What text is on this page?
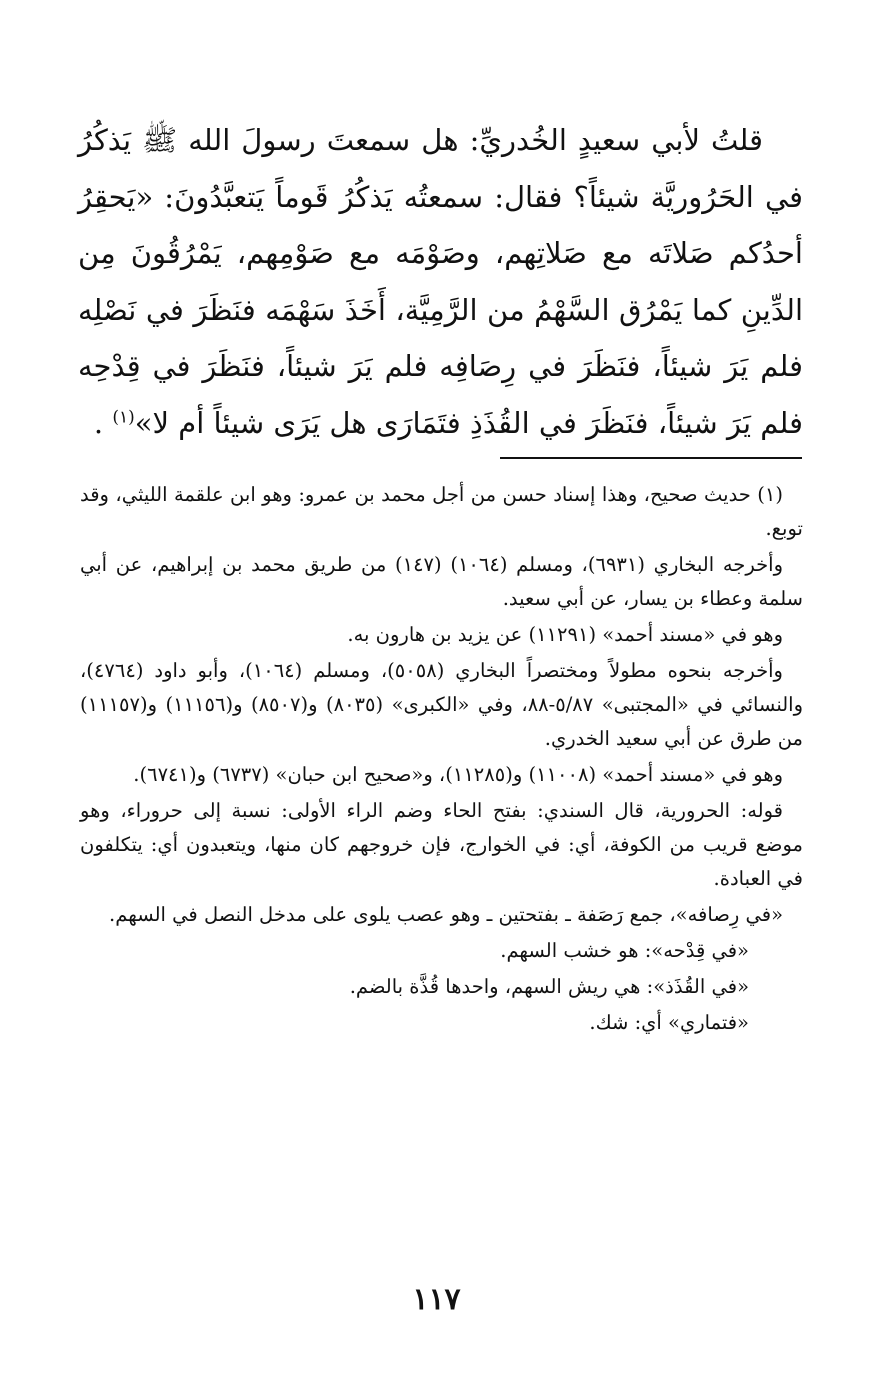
قلتُ لأبي سعيدٍ الخُدريِّ: هل سمعتَ رسولَ الله ﷺ يَذكُرُ في الحَرُوريَّة شيئاً؟ فقال: سمعتُه يَذكُرُ قَوماً يَتعبَّدُونَ: «يَحقِرُ أحدُكم صَلاتَه مع صَلاتِهم، وصَوْمَه مع صَوْمِهم، يَمْرُقُونَ مِن الدِّينِ كما يَمْرُق السَّهْمُ من الرَّمِيَّة، أَخَذَ سَهْمَه فنَظَرَ في نَصْلِه فلم يَرَ شيئاً، فنَظَرَ في رِصَافِه فلم يَرَ شيئاً، فنَظَرَ في قِدْحِه فلم يَرَ شيئاً، فنَظَرَ في القُذَذِ فتَمَارَى هل يَرَى شيئاً أم لا»$^{(١)}$ .

(١) حديث صحيح، وهذا إسناد حسن من أجل محمد بن عمرو: وهو ابن علقمة الليثي، وقد توبع.

وأخرجه البخاري (٦٩٣١)، ومسلم (١٠٦٤) (١٤٧) من طريق محمد بن إبراهيم، عن أبي سلمة وعطاء بن يسار، عن أبي سعيد.

وهو في «مسند أحمد» (١١٢٩١) عن يزيد بن هارون به.

وأخرجه بنحوه مطولاً ومختصراً البخاري (٥٠٥٨)، ومسلم (١٠٦٤)، وأبو داود (٤٧٦٤)، والنسائي في «المجتبى» ٥/٨٧-٨٨، وفي «الكبرى» (٨٠٣٥) و(٨٥٠٧) و(١١١٥٦) و(١١١٥٧) من طرق عن أبي سعيد الخدري.

وهو في «مسند أحمد» (١١٠٠٨) و(١١٢٨٥)، و«صحيح ابن حبان» (٦٧٣٧) و(٦٧٤١).

قوله: الحرورية، قال السندي: بفتح الحاء وضم الراء الأولى: نسبة إلى حروراء، وهو موضع قريب من الكوفة، أي: في الخوارج، فإن خروجهم كان منها، ويتعبدون أي: يتكلفون في العبادة.

«في رِصافه»، جمع رَصَفة ـ بفتحتين ـ وهو عصب يلوى على مدخل النصل في السهم.

«في قِدْحه»: هو خشب السهم.

«في القُذَذ»: هي ريش السهم، واحدها قُذَّة بالضم.

«فتماري» أي: شك.

١١٧
